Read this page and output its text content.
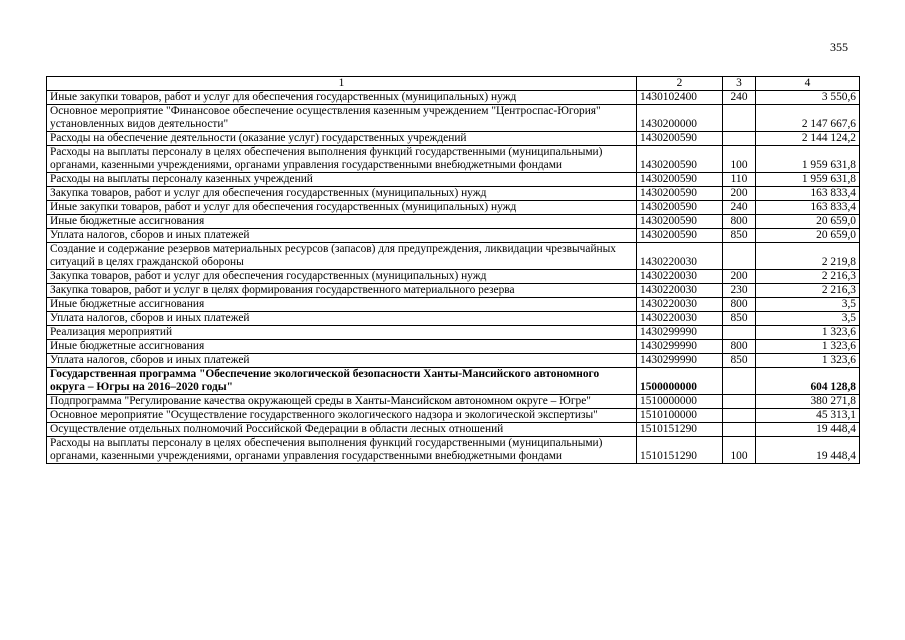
355
1	2	3	4
Иные закупки товаров, работ и услуг для обеспечения государственных (муниципальных) нужд	1430102400	240	3 550,6
Основное мероприятие "Финансовое обеспечение осуществления казенным учреждением "Центроспас-Югория" установленных видов деятельности"	1430200000		2 147 667,6
Расходы на обеспечение деятельности (оказание услуг) государственных учреждений	1430200590		2 144 124,2
Расходы на выплаты персоналу в целях обеспечения выполнения функций государственными (муниципальными) органами, казенными учреждениями, органами управления государственными внебюджетными фондами	1430200590	100	1 959 631,8
Расходы на выплаты персоналу казенных учреждений	1430200590	110	1 959 631,8
Закупка товаров, работ и услуг для обеспечения государственных (муниципальных) нужд	1430200590	200	163 833,4
Иные закупки товаров, работ и услуг для обеспечения государственных (муниципальных) нужд	1430200590	240	163 833,4
Иные бюджетные ассигнования	1430200590	800	20 659,0
Уплата налогов, сборов и иных платежей	1430200590	850	20 659,0
Создание и содержание резервов материальных ресурсов (запасов) для предупреждения, ликвидации чрезвычайных ситуаций в целях гражданской обороны	1430220030		2 219,8
Закупка товаров, работ и услуг для обеспечения государственных (муниципальных) нужд	1430220030	200	2 216,3
Закупка товаров, работ и услуг в целях формирования государственного материального резерва	1430220030	230	2 216,3
Иные бюджетные ассигнования	1430220030	800	3,5
Уплата налогов, сборов и иных платежей	1430220030	850	3,5
Реализация мероприятий	1430299990		1 323,6
Иные бюджетные ассигнования	1430299990	800	1 323,6
Уплата налогов, сборов и иных платежей	1430299990	850	1 323,6
Государственная программа "Обеспечение экологической безопасности Ханты-Мансийского автономного округа – Югры на 2016–2020 годы"	1500000000		604 128,8
Подпрограмма "Регулирование качества окружающей среды в Ханты-Мансийском автономном округе – Югре"	1510000000		380 271,8
Основное мероприятие "Осуществление государственного экологического надзора и экологической экспертизы"	1510100000		45 313,1
Осуществление отдельных полномочий Российской Федерации в области лесных отношений	1510151290		19 448,4
Расходы на выплаты персоналу в целях обеспечения выполнения функций государственными (муниципальными) органами, казенными учреждениями, органами управления государственными внебюджетными фондами	1510151290	100	19 448,4
